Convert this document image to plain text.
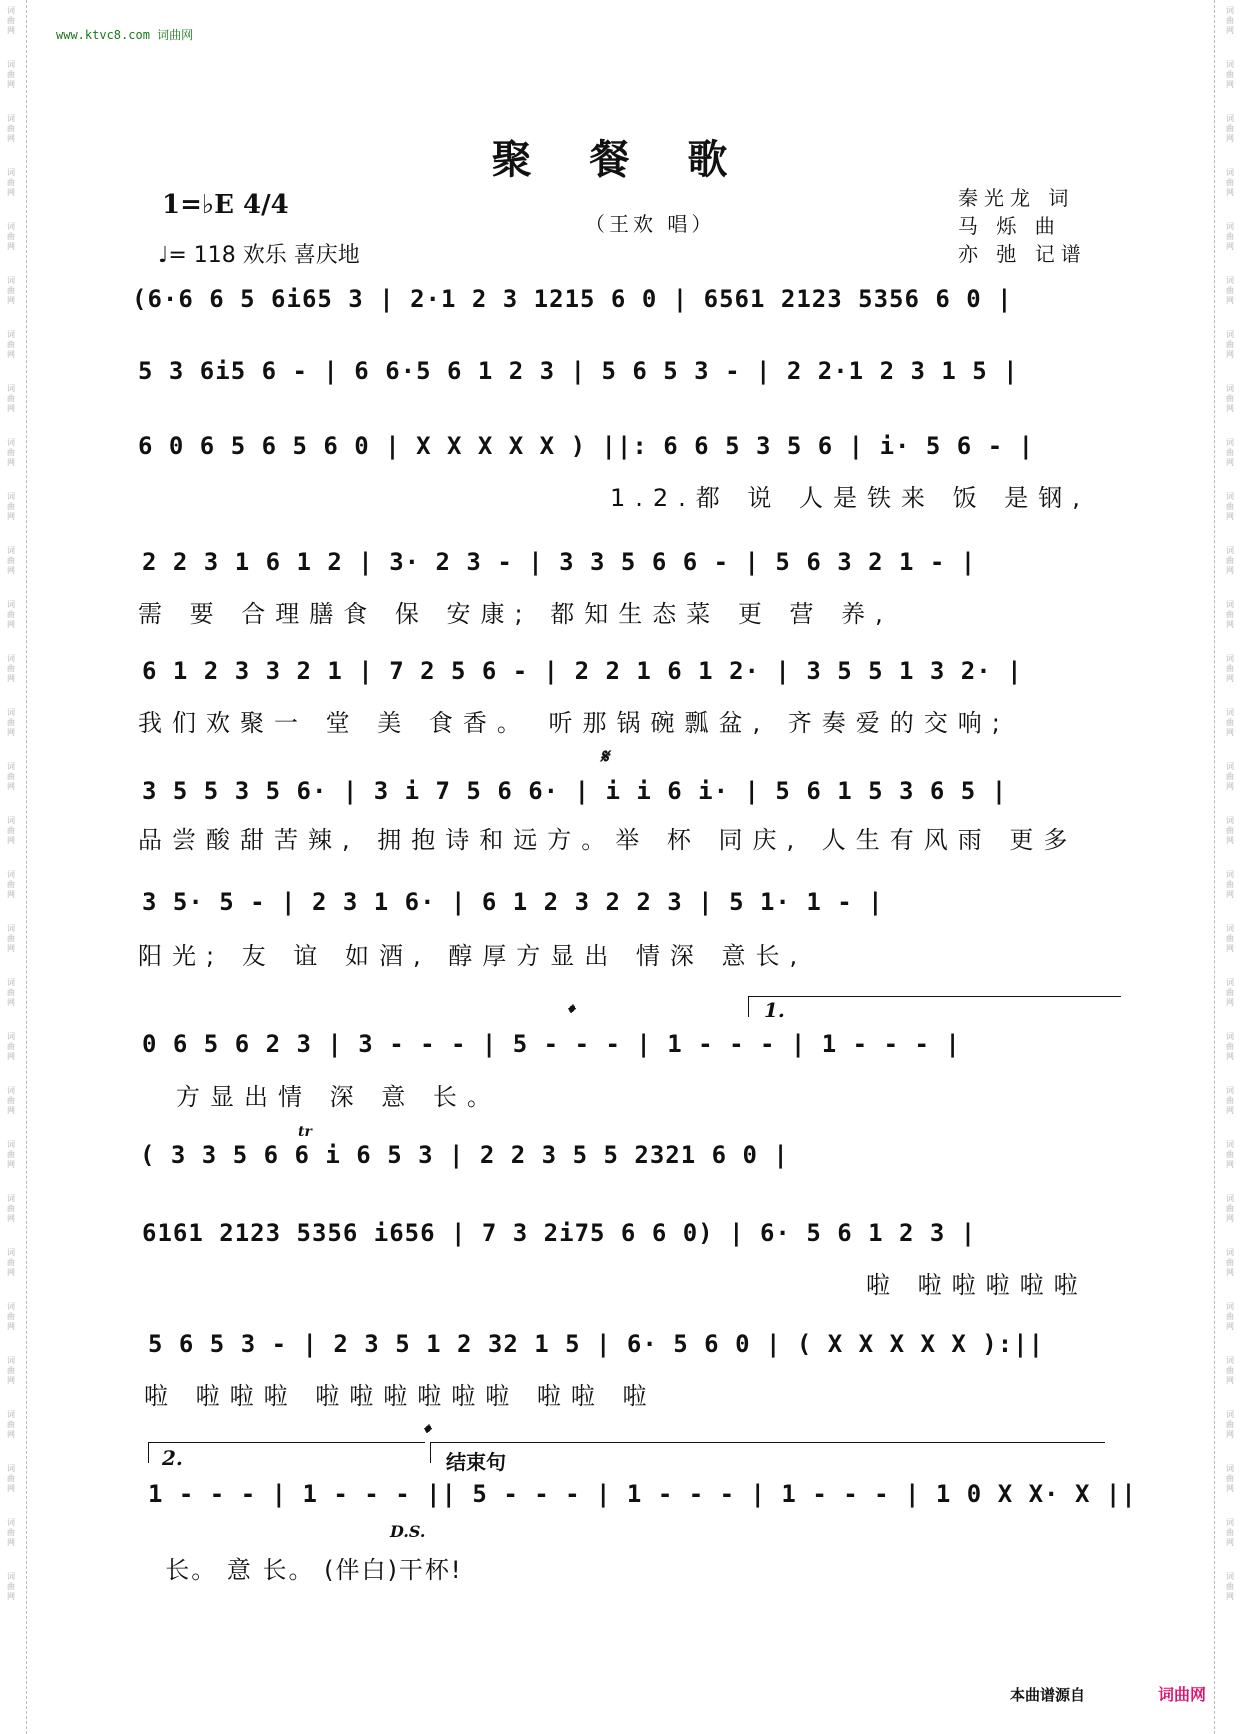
词
曲
网
词
曲
网
词
曲
网
词
曲
网
词
曲
网
词
曲
网
词
曲
网
词
曲
网
词
曲
网
词
曲
网
词
曲
网
词
曲
网
词
曲
网
词
曲
网
词
曲
网
词
曲
网
词
曲
网
词
曲
网
词
曲
网
词
曲
网
词
曲
网
词
曲
网
词
曲
网
词
曲
网
词
曲
网
词
曲
网
词
曲
网
词
曲
网
词
曲
网
词
曲
网
词
曲
网
词
曲
网
词
曲
网
词
曲
网
词
曲
网
词
曲
网
词
曲
网
词
曲
网
词
曲
网
词
曲
网
词
曲
网
词
曲
网
词
曲
网
词
曲
网
词
曲
网
词
曲
网
词
曲
网
词
曲
网
词
曲
网
词
曲
网
词
曲
网
词
曲
网
词
曲
网
词
曲
网
词
曲
网
词
曲
网
词
曲
网
词
曲
网
词
曲
网
词
曲
网
www.ktvc8.com 词曲网
聚 餐 歌
1=♭E 4/4
♩= 118 欢乐 喜庆地
（王欢 唱）
秦光龙 词
马 烁 曲
亦 弛 记谱
(6·6 6 5 6i65 3 | 2·1 2 3 1215 6 0 | 6561 2123 5356 6 0 |
5 3 6i5 6 - | 6 6·5 6 1 2 3 | 5 6 5 3 - | 2 2·1 2 3 1 5 |
6 0 6 5 6 5 6 0 | X X X X X ) ||: 6 6 5 3 5 6 | i· 5 6 - |
1.2.都 说 人是铁来 饭 是钢,
2 2 3 1 6 1 2 | 3· 2 3 - | 3 3 5 6 6 - | 5 6 3 2 1 - |
需 要 合理膳食 保 安康; 都知生态菜 更 营 养,
6 1 2 3 3 2 1 | 7 2 5 6 - | 2 2 1 6 1 2· | 3 5 5 1 3 2· |
我们欢聚一 堂 美 食香。 听那锅碗瓢盆, 齐奏爱的交响;
𝄋
3 5 5 3 5 6· | 3 i 7 5 6 6· | i i 6 i· | 5 6 1 5 3 6 5 |
品尝酸甜苦辣, 拥抱诗和远方。举 杯 同庆, 人生有风雨 更多
3 5· 5 - | 2 3 1 6· | 6 1 2 3 2 2 3 | 5 1· 1 - |
阳光; 友 谊 如酒, 醇厚方显出 情深 意长,
𝄌	1.
0 6 5 6 2 3 | 3 - - - | 5 - - - | 1 - - - | 1 - - - |
方显出情 深 意 长。
tr
( 3 3 5 6 6 i 6 5 3 | 2 2 3 5 5 2321 6 0 |
6161 2123 5356 i656 | 7 3 2i75 6 6 0) | 6· 5 6 1 2 3 |
啦 啦啦啦啦啦
5 6 5 3 - | 2 3 5 1 2 32 1 5 | 6· 5 6 0 | ( X X X X X ):||
啦 啦啦啦 啦啦啦啦啦啦 啦啦 啦
2.
𝄌
结束句
1 - - - | 1 - - - || 5 - - - | 1 - - - | 1 - - - | 1 0 X X· X ||
D.S.

长。 意 长。 (伴白)干杯!

本曲谱源自	词曲网
